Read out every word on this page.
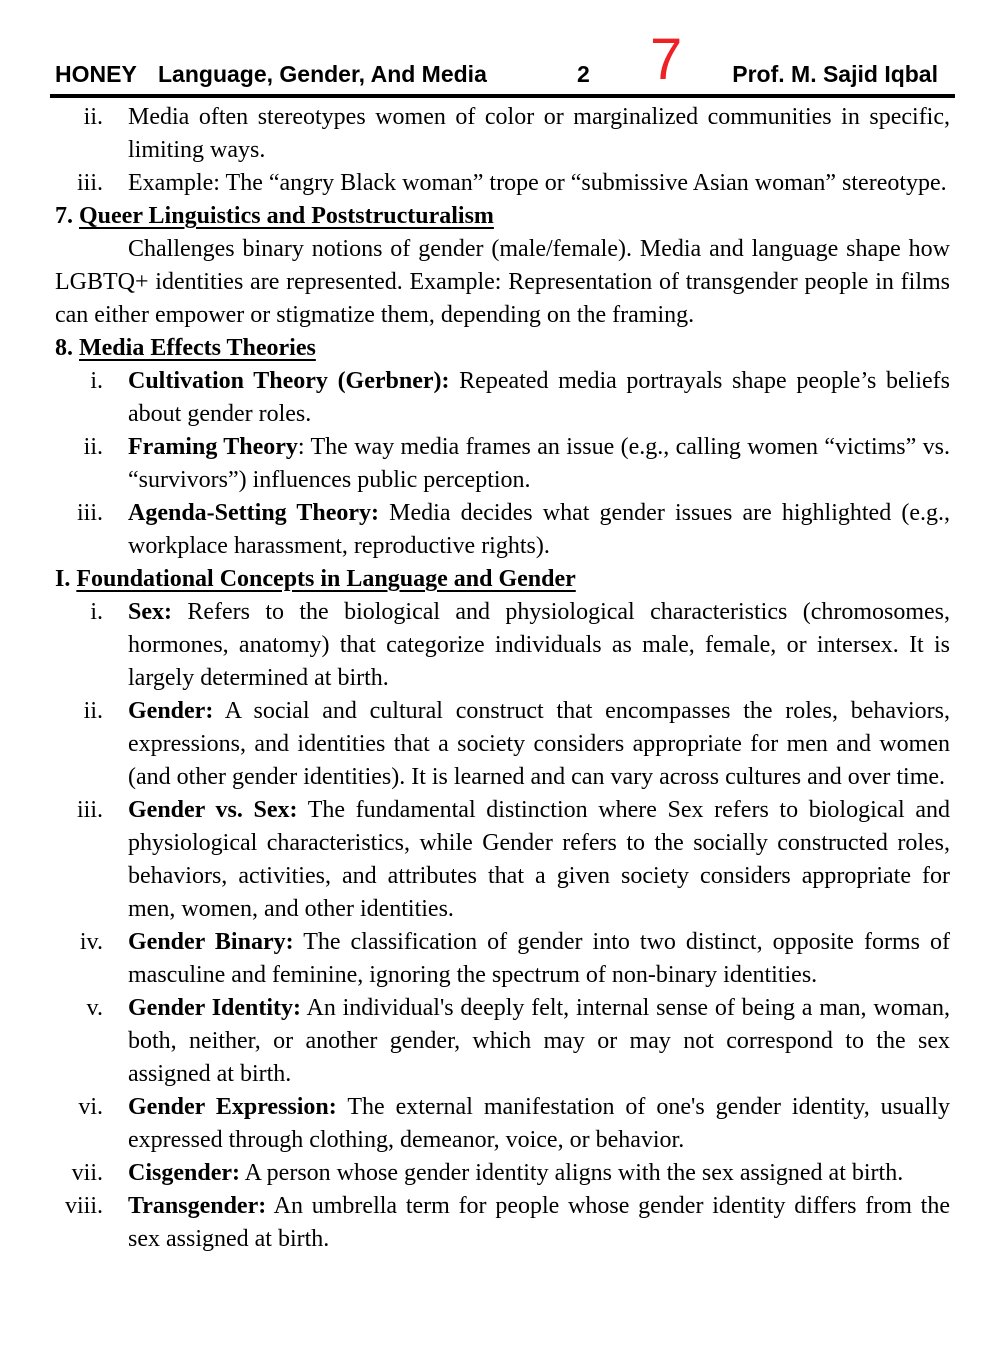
HONEY Language, Gender, And Media	2 7 Prof. M. Sajid Iqbal
ii. Media often stereotypes women of color or marginalized communities in specific, limiting ways.
iii. Example: The “angry Black woman” trope or “submissive Asian woman” stereotype.
7. Queer Linguistics and Poststructuralism
Challenges binary notions of gender (male/female). Media and language shape how LGBTQ+ identities are represented. Example: Representation of transgender people in films can either empower or stigmatize them, depending on the framing.
8. Media Effects Theories
i. Cultivation Theory (Gerbner): Repeated media portrayals shape people’s beliefs about gender roles.
ii. Framing Theory: The way media frames an issue (e.g., calling women “victims” vs. “survivors”) influences public perception.
iii. Agenda-Setting Theory: Media decides what gender issues are highlighted (e.g., workplace harassment, reproductive rights).
I. Foundational Concepts in Language and Gender
i. Sex: Refers to the biological and physiological characteristics (chromosomes, hormones, anatomy) that categorize individuals as male, female, or intersex. It is largely determined at birth.
ii. Gender: A social and cultural construct that encompasses the roles, behaviors, expressions, and identities that a society considers appropriate for men and women (and other gender identities). It is learned and can vary across cultures and over time.
iii. Gender vs. Sex: The fundamental distinction where Sex refers to biological and physiological characteristics, while Gender refers to the socially constructed roles, behaviors, activities, and attributes that a given society considers appropriate for men, women, and other identities.
iv. Gender Binary: The classification of gender into two distinct, opposite forms of masculine and feminine, ignoring the spectrum of non-binary identities.
v. Gender Identity: An individual's deeply felt, internal sense of being a man, woman, both, neither, or another gender, which may or may not correspond to the sex assigned at birth.
vi. Gender Expression: The external manifestation of one's gender identity, usually expressed through clothing, demeanor, voice, or behavior.
vii. Cisgender: A person whose gender identity aligns with the sex assigned at birth.
viii. Transgender: An umbrella term for people whose gender identity differs from the sex assigned at birth.
